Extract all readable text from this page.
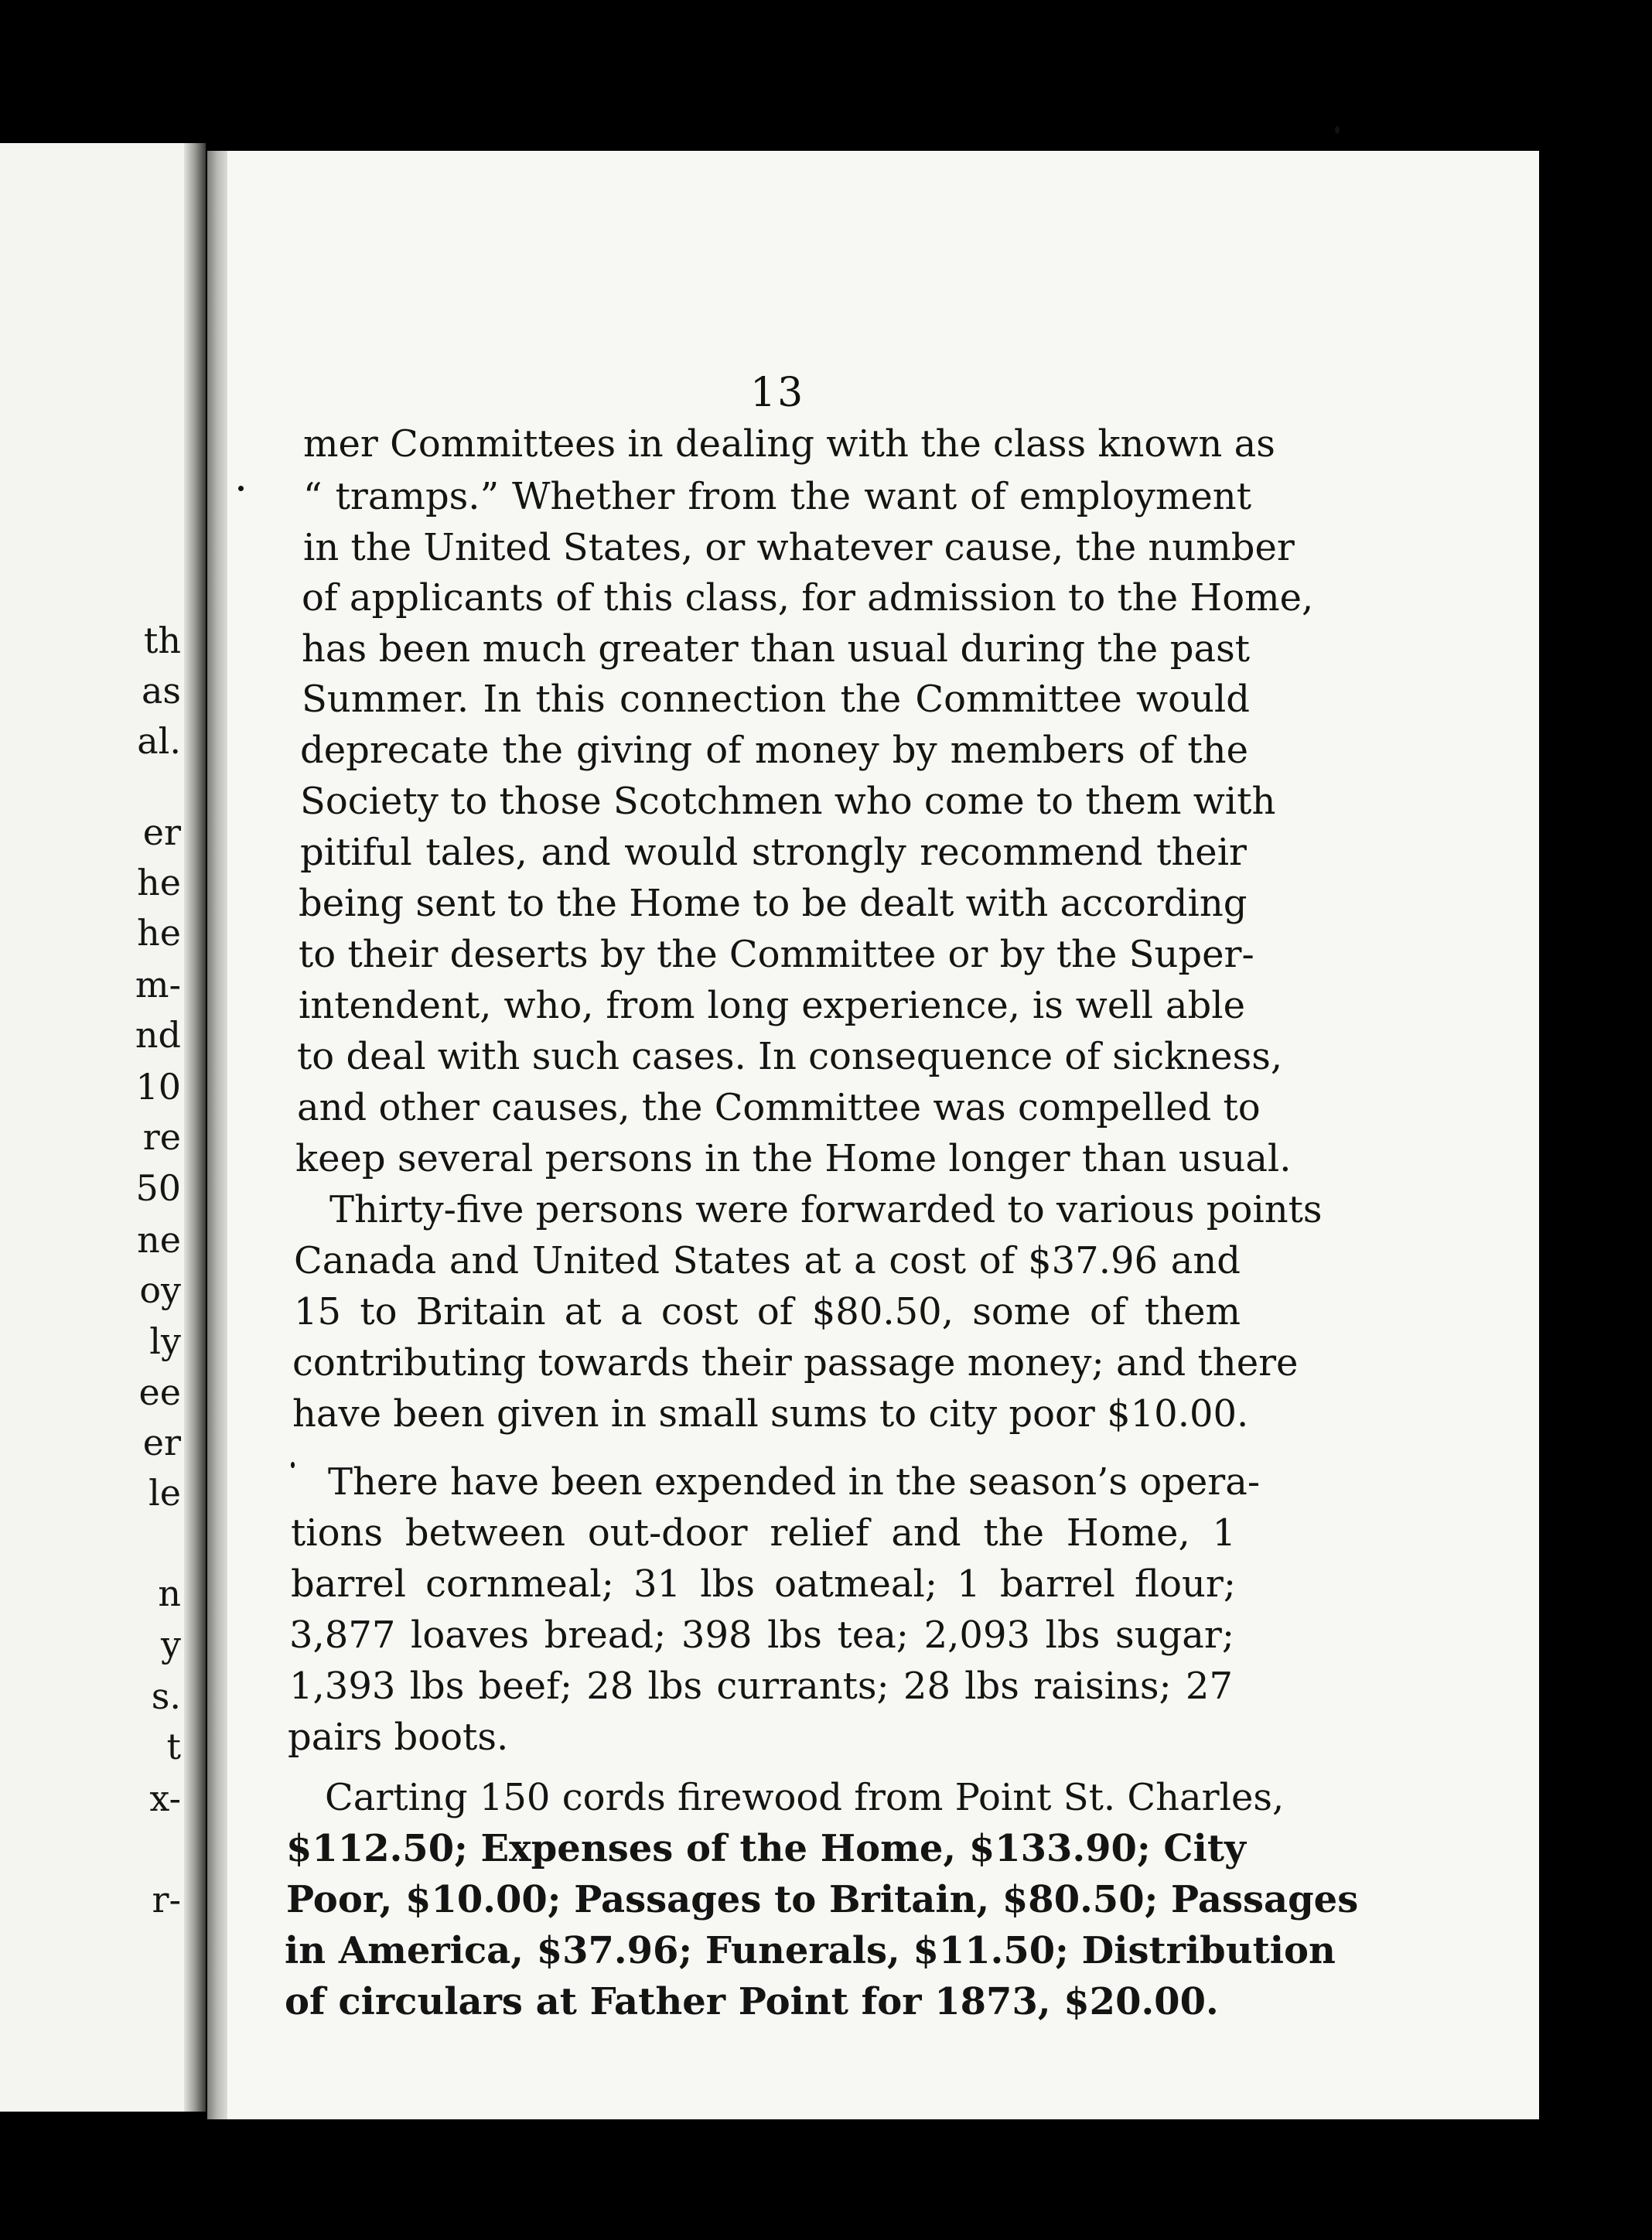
th
as
al.
er
he
he
m-
nd
10
re
50
ne
oy
ly
ee
er
le
n
y
s.
t
x-
r-
13
mer Committees in dealing with the class known as
“ tramps.” Whether from the want of employment
in the United States, or whatever cause, the number
of applicants of this class, for admission to the Home,
has been much greater than usual during the past
Summer. In this connection the Committee would
deprecate the giving of money by members of the
Society to those Scotchmen who come to them with
pitiful tales, and would strongly recommend their
being sent to the Home to be dealt with according
to their deserts by the Committee or by the Super-
intendent, who, from long experience, is well able
to deal with such cases. In consequence of sickness,
and other causes, the Committee was compelled to
keep several persons in the Home longer than usual.
Thirty-five persons were forwarded to various points
Canada and United States at a cost of $37.96 and
15 to Britain at a cost of $80.50, some of them
contributing towards their passage money; and there
have been given in small sums to city poor $10.00.
There have been expended in the season’s opera-
tions between out-door relief and the Home, 1
barrel cornmeal; 31 lbs oatmeal; 1 barrel flour;
3,877 loaves bread; 398 lbs tea; 2,093 lbs sugar;
1,393 lbs beef; 28 lbs currants; 28 lbs raisins; 27
pairs boots.
Carting 150 cords firewood from Point St. Charles,
$112.50; Expenses of the Home, $133.90; City
Poor, $10.00; Passages to Britain, $80.50; Passages
in America, $37.96; Funerals, $11.50; Distribution
of circulars at Father Point for 1873, $20.00.
